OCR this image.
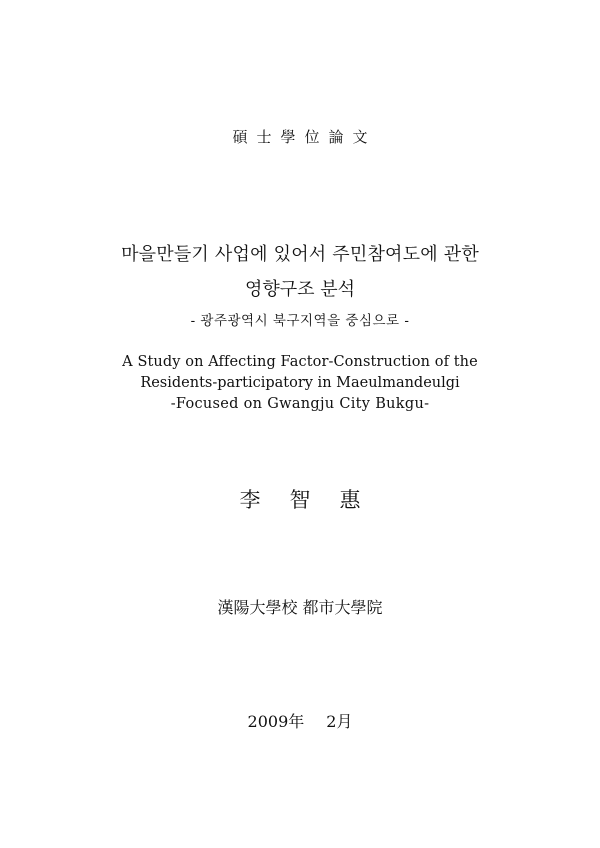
碩士學位論文
마을만들기 사업에 있어서 주민참여도에 관한
영향구조 분석
- 광주광역시 북구지역을 중심으로 -
A Study on Affecting Factor-Construction of the
Residents-participatory in Maeulmandeulgi
-Focused on Gwangju City Bukgu-
李智惠
漢陽大學校 都市大學院
2009年 2月
